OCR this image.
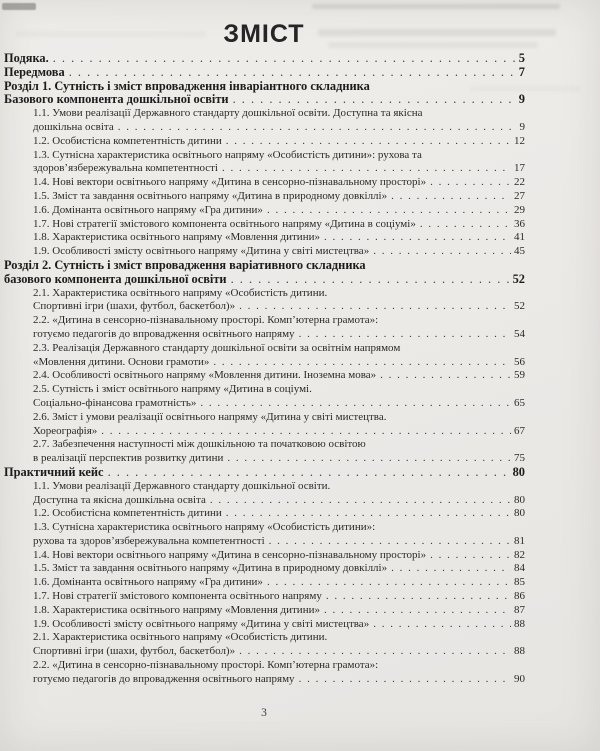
ЗМІСТ
Подяка. . . .	5
Передмова . . .	7
Розділ 1. Сутність і зміст впровадження інваріантного складника
Базового компонента дошкільної освіти . . .	9
1.1. Умови реалізації Державного стандарту дошкільної освіти. Доступна та якісна
дошкільна освіта . . .	9
1.2. Особистісна компетентність дитини . . .	12
1.3. Сутнісна характеристика освітнього напряму «Особистість дитини»: рухова та
здоров’язбережувальна компетентності . . .	17
1.4. Нові вектори освітнього напряму «Дитина в сенсорно-пізнавальному просторі» . . .	22
1.5. Зміст та завдання освітнього напряму «Дитина в природному довкіллі» . . .	27
1.6. Домінанта освітнього напряму «Гра дитини» . . .	29
1.7. Нові стратегії змістового компонента освітнього напряму «Дитина в соціумі» . . .	36
1.8. Характеристика освітнього напряму «Мовлення дитини» . . .	41
1.9. Особливості змісту освітнього напряму «Дитина у світі мистецтва» . . .	45
Розділ 2. Сутність і зміст впровадження варіативного складника
базового компонента дошкільної освіти . . .	52
2.1. Характеристика освітнього напряму «Особистість дитини.
Спортивні ігри (шахи, футбол, баскетбол)» . . .	52
2.2. «Дитина в сенсорно-пізнавальному просторі. Комп’ютерна грамота»:
готуємо педагогів до впровадження освітнього напряму . . .	54
2.3. Реалізація Державного стандарту дошкільної освіти за освітнім напрямом
«Мовлення дитини. Основи грамоти» . . .	56
2.4. Особливості освітнього напряму «Мовлення дитини. Іноземна мова» . . .	59
2.5. Сутність і зміст освітнього напряму «Дитина в соціумі.
Соціально-фінансова грамотність» . . .	65
2.6. Зміст і умови реалізації освітнього напряму «Дитина у світі мистецтва.
Хореографія» . . .	67
2.7. Забезпечення наступності між дошкільною та початковою освітою
в реалізації перспектив розвитку дитини . . .	75
Практичний кейс . . .	80
1.1. Умови реалізації Державного стандарту дошкільної освіти.
Доступна та якісна дошкільна освіта . . .	80
1.2. Особистісна компетентність дитини . . .	80
1.3. Сутнісна характеристика освітнього напряму «Особистість дитини»:
рухова та здоров’язбережувальна компетентності . . .	81
1.4. Нові вектори освітнього напряму «Дитина в сенсорно-пізнавальному просторі» . . .	82
1.5. Зміст та завдання освітнього напряму «Дитина в природному довкіллі» . . .	84
1.6. Домінанта освітнього напряму «Гра дитини» . . .	85
1.7. Нові стратегії змістового компонента освітнього напряму . . .	86
1.8. Характеристика освітнього напряму «Мовлення дитини» . . .	87
1.9. Особливості змісту освітнього напряму «Дитина у світі мистецтва» . . .	88
2.1. Характеристика освітнього напряму «Особистість дитини.
Спортивні ігри (шахи, футбол, баскетбол)» . . .	88
2.2. «Дитина в сенсорно-пізнавальному просторі. Комп’ютерна грамота»:
готуємо педагогів до впровадження освітнього напряму . . .	90
3
